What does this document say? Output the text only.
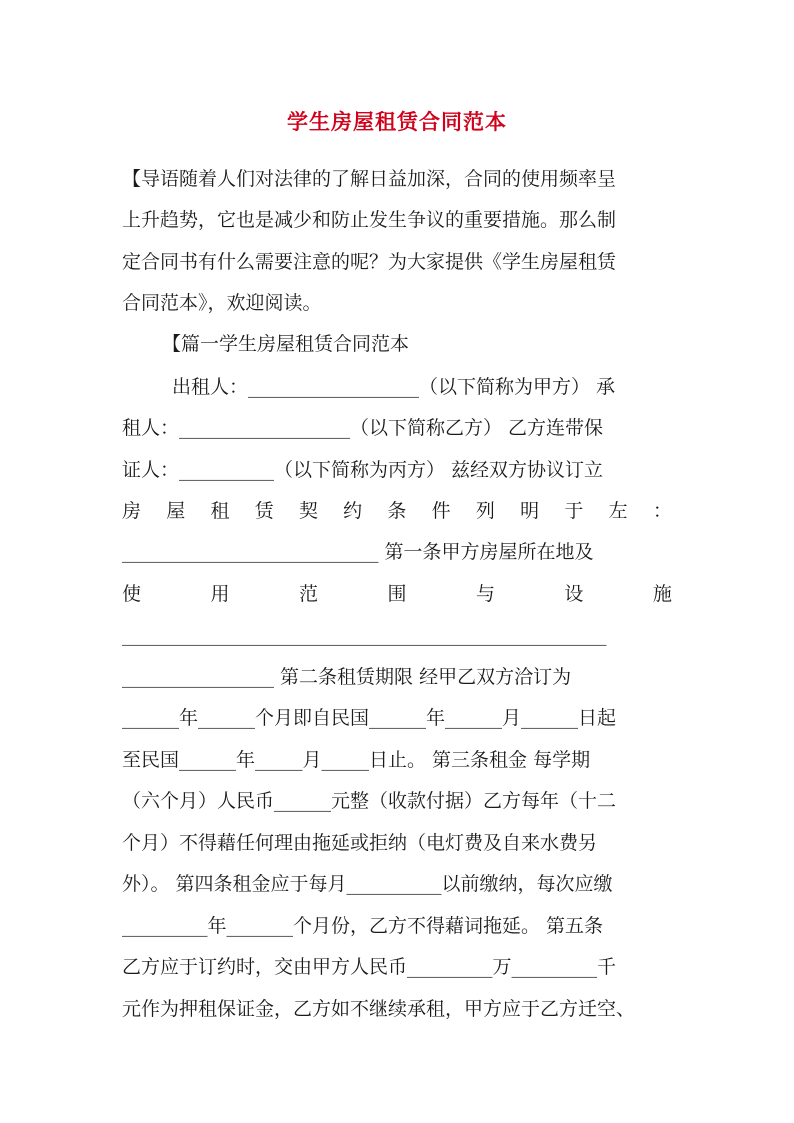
学生房屋租赁合同范本
【导语随着人们对法律的了解日益加深，合同的使用频率呈
上升趋势，它也是减少和防止发生争议的重要措施。那么制
定合同书有什么需要注意的呢？为大家提供《学生房屋租赁
合同范本》，欢迎阅读。
【篇一学生房屋租赁合同范本
出租人：__________________（以下简称为甲方） 承
租人：__________________（以下简称乙方） 乙方连带保
证人：__________（以下简称为丙方） 兹经双方协议订立
房 屋 租 赁 契 约 条 件 列 明 于 左 ：
___________________________ 第一条甲方房屋所在地及
使	用	范	围	与	设	施
___________________________________________________
________________ 第二条租赁期限 经甲乙双方洽订为
______年______个月即自民国______年______月______日起
至民国______年_____月_____日止。 第三条租金 每学期
（六个月）人民币______元整（收款付据）乙方每年（十二
个月）不得藉任何理由拖延或拒纳（电灯费及自来水费另
外）。 第四条租金应于每月__________以前缴纳，每次应缴
_________年_______个月份，乙方不得藉词拖延。 第五条
乙方应于订约时，交由甲方人民币_________万_________千
元作为押租保证金，乙方如不继续承租，甲方应于乙方迁空、
